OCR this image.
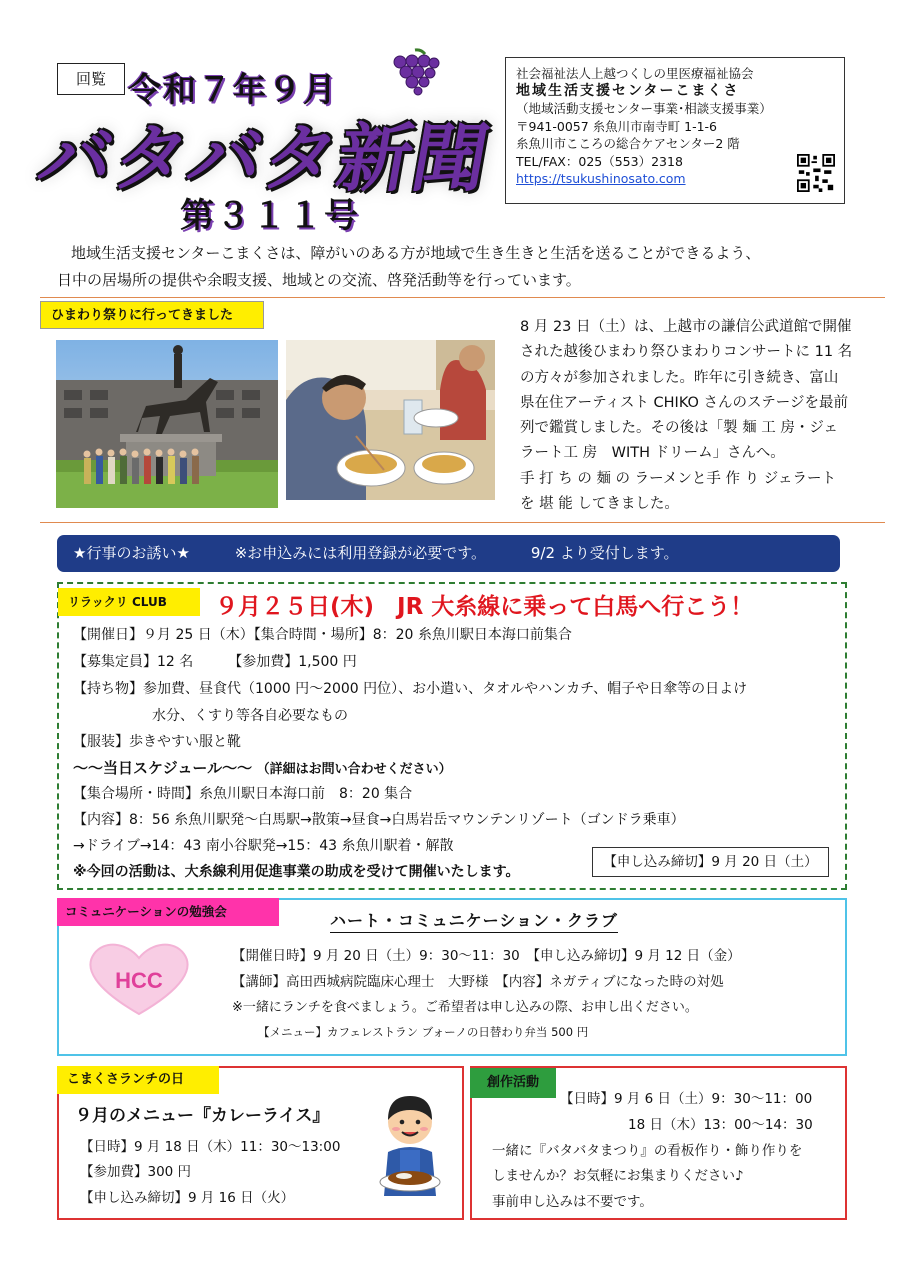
回覧 令和７年９月
バタバタ新聞
第３１１号
社会福祉法人上越つくしの里医療福祉協会
地域生活支援センターこまくさ
（地域活動支援センター事業･相談支援事業）
〒941-0057 糸魚川市南寺町 1-1-6
糸魚川市こころの総合ケアセンター2 階
TEL/FAX：025（553）2318
https://tsukushinosato.com
地域生活支援センターこまくさは、障がいのある方が地域で生き生きと生活を送ることができるよう、
日中の居場所の提供や余暇支援、地域との交流、啓発活動等を行っています。
ひまわり祭りに行ってきました
8 月 23 日（土）は、上越市の謙信公武道館で開催
された越後ひまわり祭ひまわりコンサートに 11 名
の方々が参加されました。昨年に引き続き、富山
県在住アーティスト CHIKO さんのステージを最前
列で鑑賞しました。その後は「製 麺 工 房・ジェ
ラート工 房　WITH ドリーム」さんへ。
手 打 ち の 麺 の ラーメンと手 作 り ジェラート
を 堪 能 してきました。
★行事のお誘い★	※お申込みには利用登録が必要です。	9/2 より受付します。
リラックリ CLUB	９月２５日(木)　JR 大糸線に乗って白馬へ行こう！
【開催日】９月 25 日（木）【集合時間・場所】8：20 糸魚川駅日本海口前集合
【募集定員】12 名　　　【参加費】1,500 円
【持ち物】参加費、昼食代（1000 円～2000 円位）、お小遣い、タオルやハンカチ、帽子や日傘等の日よけ
水分、くすり等各自必要なもの
【服装】歩きやすい服と靴
～～当日スケジュール～～ （詳細はお問い合わせください）
【集合場所・時間】糸魚川駅日本海口前　8：20 集合
【内容】8：56 糸魚川駅発～白馬駅→散策→昼食→白馬岩岳マウンテンリゾート（ゴンドラ乗車）
→ドライブ→14：43 南小谷駅発→15：43 糸魚川駅着・解散
※今回の活動は、大糸線利用促進事業の助成を受けて開催いたします。
【申し込み締切】9 月 20 日（土）
コミュニケーションの勉強会	ハート・コミュニケーション・クラブ
HCC
【開催日時】9 月 20 日（土）9：30～11：30　【申し込み締切】9 月 12 日（金）
【講師】高田西城病院臨床心理士　大野様　【内容】ネガティブになった時の対処
※一緒にランチを食べましょう。ご希望者は申し込みの際、お申し出ください。
【メニュー】カフェレストラン ブォーノの日替わり弁当 500 円
こまくさランチの日
９月のメニュー『カレーライス』
【日時】9 月 18 日（木）11：30～13:00
【参加費】300 円
【申し込み締切】9 月 16 日（火）
創作活動
【日時】9 月 6 日（土）9：30～11：00
18 日（木）13：00～14：30
一緒に『バタバタまつり』の看板作り・飾り作りを
しませんか？お気軽にお集まりください♪
事前申し込みは不要です。
